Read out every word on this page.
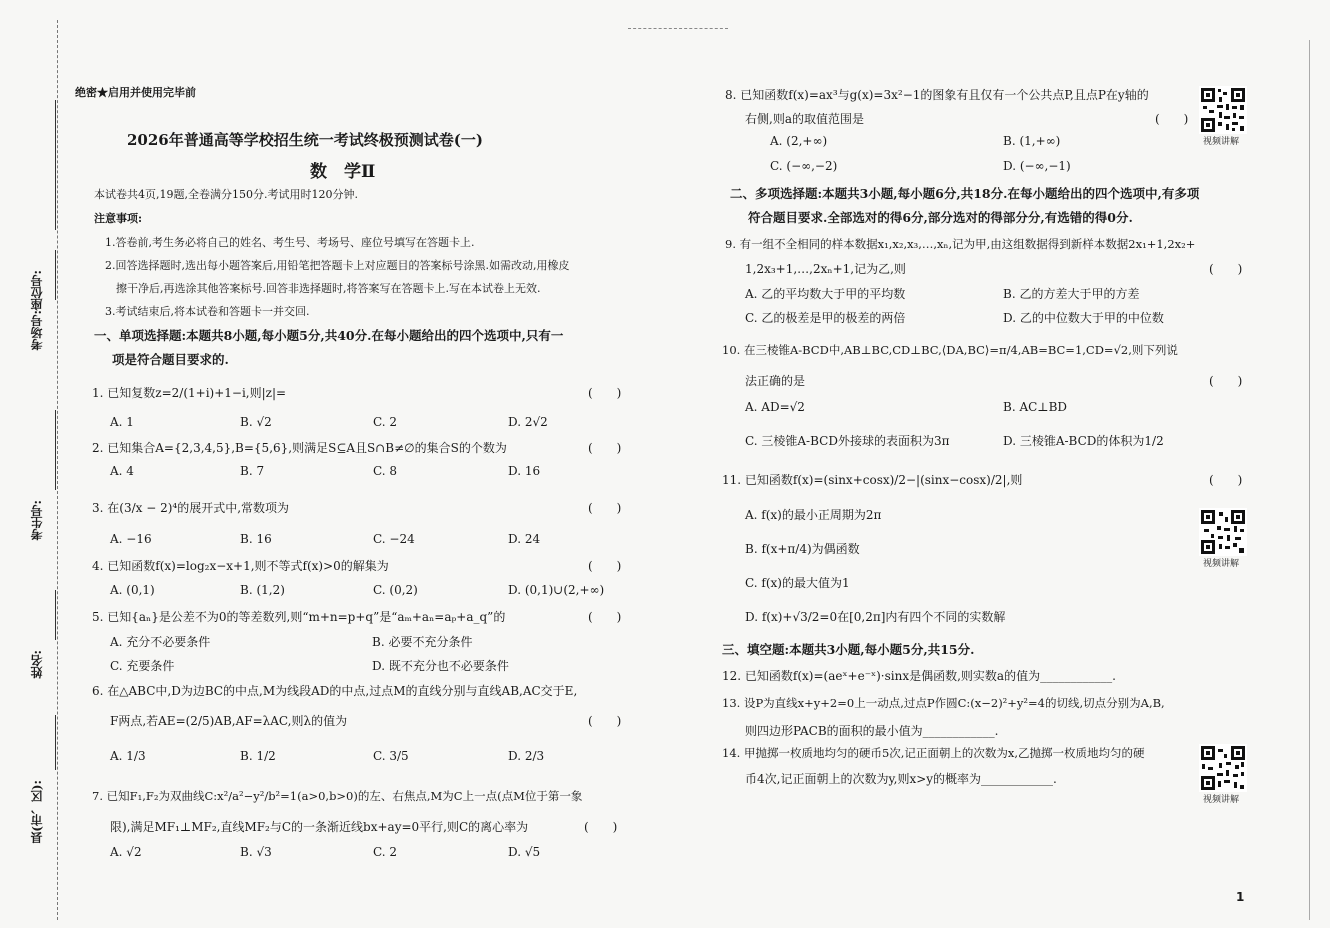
座位号:
考场号:
考生号:
姓名:
县(市、区):
绝密★启用并使用完毕前
2026年普通高等学校招生统一考试终极预测试卷(一)
数　学Ⅱ
本试卷共4页,19题,全卷满分150分.考试用时120分钟.
注意事项:
1.答卷前,考生务必将自己的姓名、考生号、考场号、座位号填写在答题卡上.
2.回答选择题时,选出每小题答案后,用铅笔把答题卡上对应题目的答案标号涂黑.如需改动,用橡皮
擦干净后,再选涂其他答案标号.回答非选择题时,将答案写在答题卡上.写在本试卷上无效.
3.考试结束后,将本试卷和答题卡一并交回.
一、单项选择题:本题共8小题,每小题5分,共40分.在每小题给出的四个选项中,只有一
项是符合题目要求的.
1. 已知复数z=2/(1+i)+1−i,则|z|=	(　　)
A. 1	B. √2	C. 2	D. 2√2
2. 已知集合A={2,3,4,5},B={5,6},则满足S⊆A且S∩B≠∅的集合S的个数为	(　　)
A. 4	B. 7	C. 8	D. 16
3. 在(3/x − 2)⁴的展开式中,常数项为	(　　)
A. −16	B. 16	C. −24	D. 24
4. 已知函数f(x)=log₂x−x+1,则不等式f(x)>0的解集为	(　　)
A. (0,1)	B. (1,2)	C. (0,2)	D. (0,1)∪(2,+∞)
5. 已知{aₙ}是公差不为0的等差数列,则“m+n=p+q”是“aₘ+aₙ=aₚ+a_q”的	(　　)
A. 充分不必要条件	B. 必要不充分条件
C. 充要条件	D. 既不充分也不必要条件
6. 在△ABC中,D为边BC的中点,M为线段AD的中点,过点M的直线分别与直线AB,AC交于E,
F两点,若AE=(2/5)AB,AF=λAC,则λ的值为	(　　)
A. 1/3	B. 1/2	C. 3/5	D. 2/3
7. 已知F₁,F₂为双曲线C:x²/a²−y²/b²=1(a>0,b>0)的左、右焦点,M为C上一点(点M位于第一象
限),满足MF₁⊥MF₂,直线MF₂与C的一条渐近线bx+ay=0平行,则C的离心率为	(　　)
A. √2	B. √3	C. 2	D. √5
8. 已知函数f(x)=ax³与g(x)=3x²−1的图象有且仅有一个公共点P,且点P在y轴的
右侧,则a的取值范围是	(　　)
A. (2,+∞)	B. (1,+∞)
C. (−∞,−2)	D. (−∞,−1)
视频讲解
二、多项选择题:本题共3小题,每小题6分,共18分.在每小题给出的四个选项中,有多项
符合题目要求.全部选对的得6分,部分选对的得部分分,有选错的得0分.
9. 有一组不全相同的样本数据x₁,x₂,x₃,…,xₙ,记为甲,由这组数据得到新样本数据2x₁+1,2x₂+
1,2x₃+1,…,2xₙ+1,记为乙,则	(　　)
A. 乙的平均数大于甲的平均数	B. 乙的方差大于甲的方差
C. 乙的极差是甲的极差的两倍	D. 乙的中位数大于甲的中位数
10. 在三棱锥A-BCD中,AB⊥BC,CD⊥BC,⟨DA,BC⟩=π/4,AB=BC=1,CD=√2,则下列说
法正确的是	(　　)
A. AD=√2	B. AC⊥BD
C. 三棱锥A-BCD外接球的表面积为3π	D. 三棱锥A-BCD的体积为1/2
11. 已知函数f(x)=(sinx+cosx)/2−|(sinx−cosx)/2|,则	(　　)
A. f(x)的最小正周期为2π
B. f(x+π/4)为偶函数
C. f(x)的最大值为1
D. f(x)+√3/2=0在[0,2π]内有四个不同的实数解
视频讲解
三、填空题:本题共3小题,每小题5分,共15分.
12. 已知函数f(x)=(aeˣ+e⁻ˣ)·sinx是偶函数,则实数a的值为____________.
13. 设P为直线x+y+2=0上一动点,过点P作圆C:(x−2)²+y²=4的切线,切点分别为A,B,
则四边形PACB的面积的最小值为____________.
14. 甲抛掷一枚质地均匀的硬币5次,记正面朝上的次数为x,乙抛掷一枚质地均匀的硬
币4次,记正面朝上的次数为y,则x>y的概率为____________.
视频讲解
1
